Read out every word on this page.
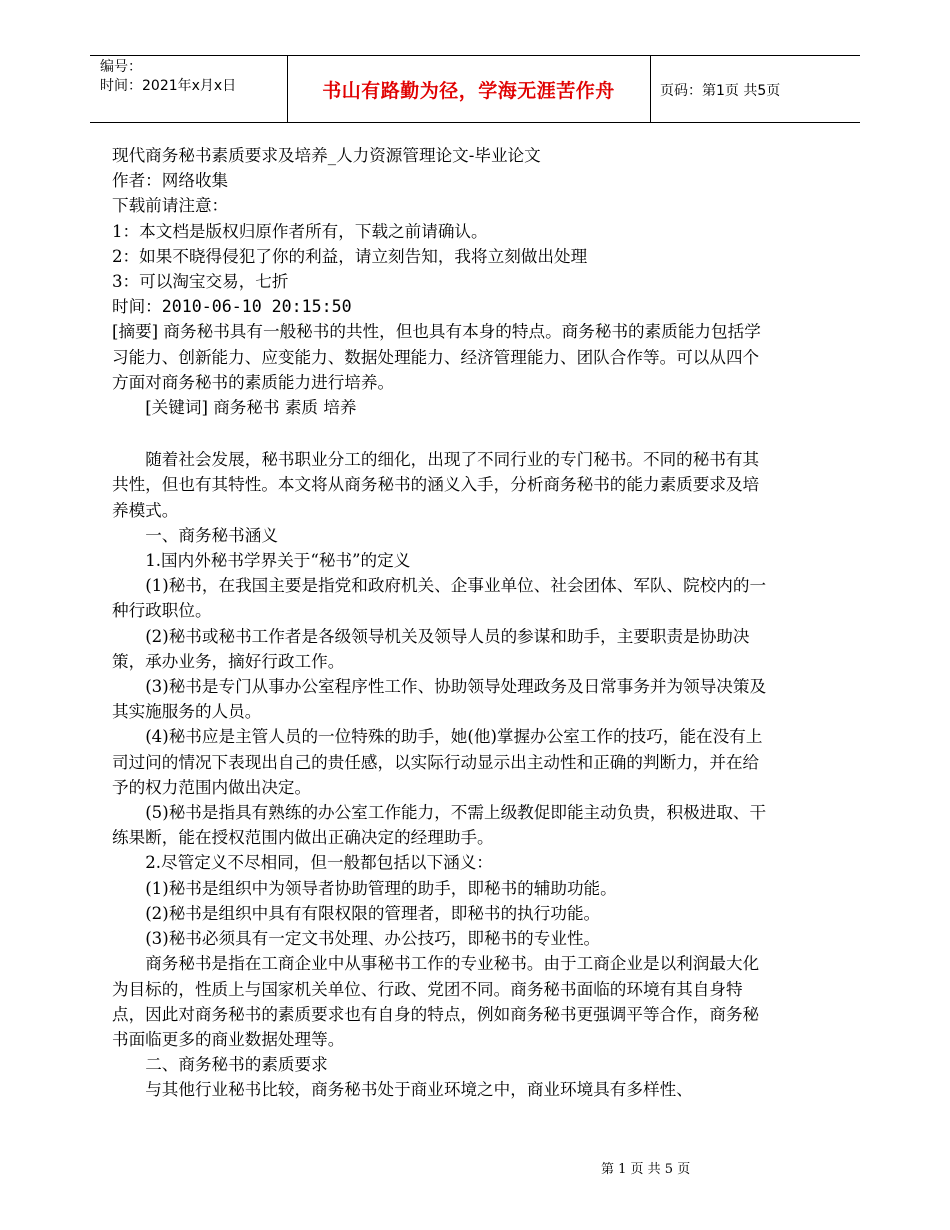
编号：
时间：2021年x月x日	书山有路勤为径，学海无涯苦作舟	页码：第1页 共5页

现代商务秘书素质要求及培养_人力资源管理论文-毕业论文

作者：网络收集

下载前请注意：

1：本文档是版权归原作者所有，下载之前请确认。

2：如果不晓得侵犯了你的利益，请立刻告知，我将立刻做出处理

3：可以淘宝交易，七折

时间：2010-06-10 20:15:50

[摘要] 商务秘书具有一般秘书的共性，但也具有本身的特点。商务秘书的素质能力包括学习能力、创新能力、应变能力、数据处理能力、经济管理能力、团队合作等。可以从四个方面对商务秘书的素质能力进行培养。

[关键词] 商务秘书 素质 培养

随着社会发展，秘书职业分工的细化，出现了不同行业的专门秘书。不同的秘书有其共性，但也有其特性。本文将从商务秘书的涵义入手，分析商务秘书的能力素质要求及培养模式。

一、商务秘书涵义

1.国内外秘书学界关于“秘书”的定义

(1)秘书，在我国主要是指党和政府机关、企事业单位、社会团体、军队、院校内的一种行政职位。

(2)秘书或秘书工作者是各级领导机关及领导人员的参谋和助手，主要职责是协助决策，承办业务，摘好行政工作。

(3)秘书是专门从事办公室程序性工作、协助领导处理政务及日常事务并为领导决策及其实施服务的人员。

(4)秘书应是主管人员的一位特殊的助手，她(他)掌握办公室工作的技巧，能在没有上司过问的情况下表现出自己的贵任感，以实际行动显示出主动性和正确的判断力，并在给予的权力范围内做出决定。

(5)秘书是指具有熟练的办公室工作能力，不需上级教促即能主动负贵，积极进取、干练果断，能在授权范围内做出正确决定的经理助手。

2.尽管定义不尽相同，但一般都包括以下涵义：

(1)秘书是组织中为领导者协助管理的助手，即秘书的辅助功能。

(2)秘书是组织中具有有限权限的管理者，即秘书的执行功能。

(3)秘书必须具有一定文书处理、办公技巧，即秘书的专业性。

商务秘书是指在工商企业中从事秘书工作的专业秘书。由于工商企业是以利润最大化为目标的，性质上与国家机关单位、行政、党团不同。商务秘书面临的环境有其自身特点，因此对商务秘书的素质要求也有自身的特点，例如商务秘书更强调平等合作，商务秘书面临更多的商业数据处理等。

二、商务秘书的素质要求

与其他行业秘书比较，商务秘书处于商业环境之中，商业环境具有多样性、

第 1 页 共 5 页
